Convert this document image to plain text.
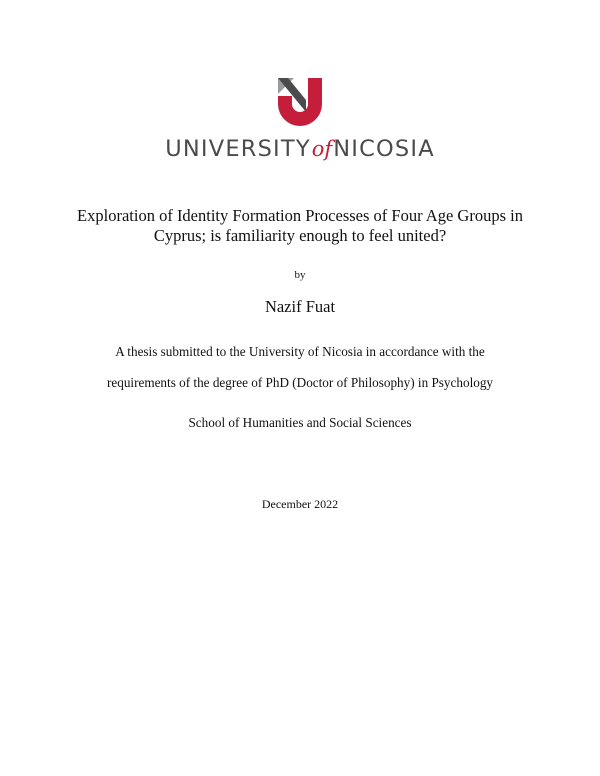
UNIVERSITYofNICOSIA
Exploration of Identity Formation Processes of Four Age Groups in
Cyprus; is familiarity enough to feel united?
by
Nazif Fuat
A thesis submitted to the University of Nicosia in accordance with the
requirements of the degree of PhD (Doctor of Philosophy) in Psychology
School of Humanities and Social Sciences
December 2022
